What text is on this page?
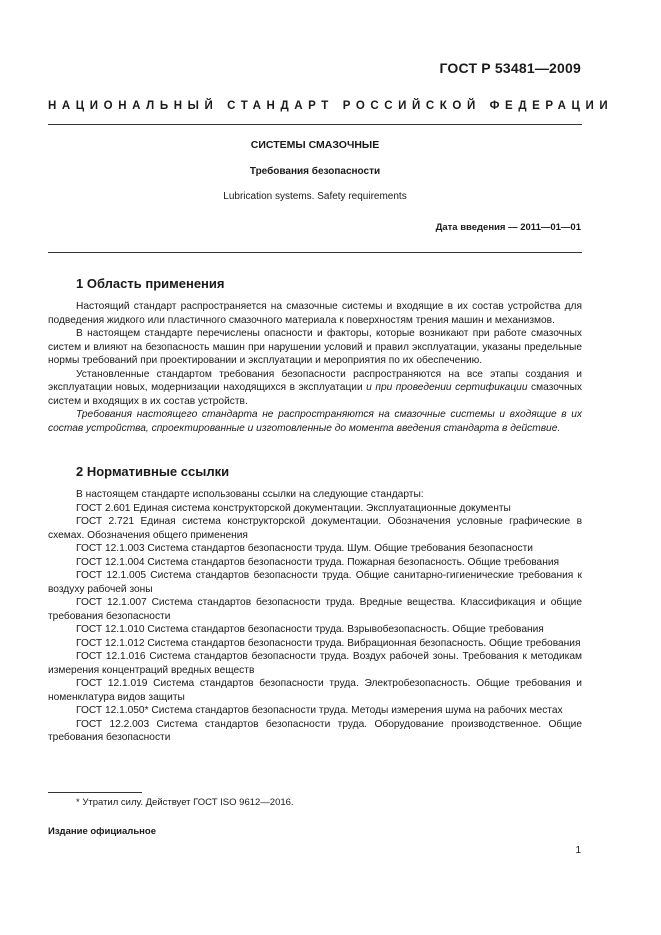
ГОСТ Р 53481—2009
НАЦИОНАЛЬНЫЙ СТАНДАРТ РОССИЙСКОЙ ФЕДЕРАЦИИ
СИСТЕМЫ СМАЗОЧНЫЕ
Требования безопасности
Lubrication systems. Safety requirements
Дата введения — 2011—01—01
1 Область применения

Настоящий стандарт распространяется на смазочные системы и входящие в их состав устройства для подведения жидкого или пластичного смазочного материала к поверхностям трения машин и механизмов.

В настоящем стандарте перечислены опасности и факторы, которые возникают при работе смазочных систем и влияют на безопасность машин при нарушении условий и правил эксплуатации, указаны предельные нормы требований при проектировании и эксплуатации и мероприятия по их обеспечению.

Установленные стандартом требования безопасности распространяются на все этапы создания и эксплуатации новых, модернизации находящихся в эксплуатации и при проведении сертификации смазочных систем и входящих в их состав устройств.

Требования настоящего стандарта не распространяются на смазочные системы и входящие в их состав устройства, спроектированные и изготовленные до момента введения стандарта в действие.

2 Нормативные ссылки

В настоящем стандарте использованы ссылки на следующие стандарты:

ГОСТ 2.601 Единая система конструкторской документации. Эксплуатационные документы

ГОСТ 2.721 Единая система конструкторской документации. Обозначения условные графические в схемах. Обозначения общего применения

ГОСТ 12.1.003 Система стандартов безопасности труда. Шум. Общие требования безопасности

ГОСТ 12.1.004 Система стандартов безопасности труда. Пожарная безопасность. Общие требования

ГОСТ 12.1.005 Система стандартов безопасности труда. Общие санитарно-гигиенические требования к воздуху рабочей зоны

ГОСТ 12.1.007 Система стандартов безопасности труда. Вредные вещества. Классификация и общие требования безопасности

ГОСТ 12.1.010 Система стандартов безопасности труда. Взрывобезопасность. Общие требования

ГОСТ 12.1.012 Система стандартов безопасности труда. Вибрационная безопасность. Общие требования

ГОСТ 12.1.016 Система стандартов безопасности труда. Воздух рабочей зоны. Требования к методикам измерения концентраций вредных веществ

ГОСТ 12.1.019 Система стандартов безопасности труда. Электробезопасность. Общие требования и номенклатура видов защиты

ГОСТ 12.1.050* Система стандартов безопасности труда. Методы измерения шума на рабочих местах

ГОСТ 12.2.003 Система стандартов безопасности труда. Оборудование производственное. Общие требования безопасности

* Утратил силу. Действует ГОСТ ISO 9612—2016.
Издание официальное
1
